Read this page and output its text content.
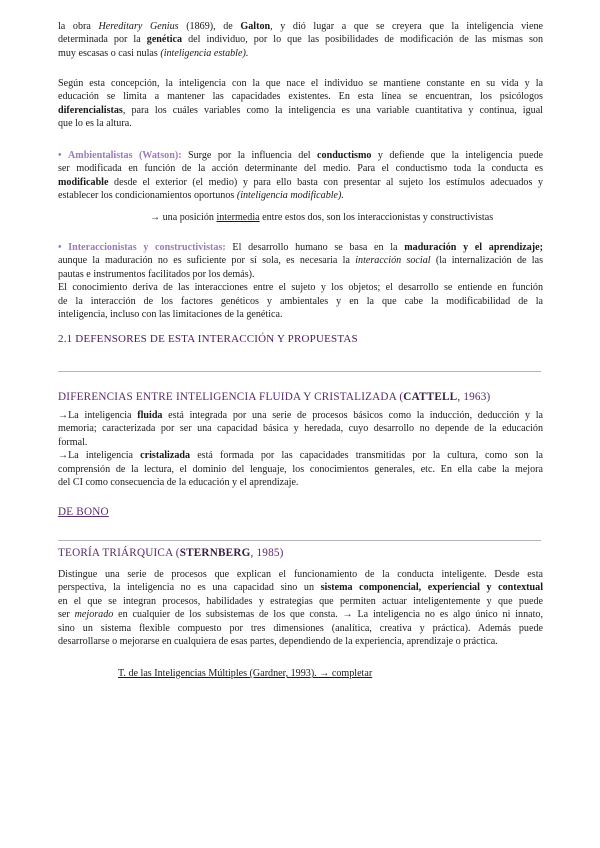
la obra Hereditary Genius (1869), de Galton, y dió lugar a que se creyera que la inteligencia viene
determinada por la genética del individuo, por lo que las posibilidades de modificación de las mismas son
muy escasas o casi nulas (inteligencia estable).
Según esta concepción, la inteligencia con la que nace el individuo se mantiene constante en su vida y la
educación se limita a mantener las capacidades existentes. En esta línea se encuentran, los psicólogos
diferencialistas, para los cuáles variables como la inteligencia es una variable cuantitativa y continua, igual
que lo es la altura.
• Ambientalistas (Watson): Surge por la influencia del conductismo y defiende que la inteligencia puede
ser modificada en función de la acción determinante del medio. Para el conductismo toda la conducta es
modificable desde el exterior (el medio) y para ello basta con presentar al sujeto los estímulos adecuados y
establecer los condicionamientos oportunos (inteligencia modificable).
→ una posición intermedia entre estos dos, son los interaccionistas y constructivistas
• Interaccionistas y constructivistas: El desarrollo humano se basa en la maduración y el aprendizaje;
aunque la maduración no es suficiente por sí sola, es necesaria la interacción social (la internalización de las
pautas e instrumentos facilitados por los demás).
El conocimiento deriva de las interacciones entre el sujeto y los objetos; el desarrollo se entiende en función
de la interacción de los factores genéticos y ambientales y en la que cabe la modificabilidad de la
inteligencia, incluso con las limitaciones de la genética.
2.1 DEFENSORES DE ESTA INTERACCIÓN Y PROPUESTAS
DIFERENCIAS ENTRE INTELIGENCIA FLUIDA Y CRISTALIZADA (CATTELL, 1963)
→La inteligencia fluida está integrada por una serie de procesos básicos como la inducción, deducción y la
memoria; caracterizada por ser una capacidad básica y heredada, cuyo desarrollo no depende de la educación
formal.
→La inteligencia cristalizada está formada por las capacidades transmitidas por la cultura, como son la
comprensión de la lectura, el dominio del lenguaje, los conocimientos generales, etc. En ella cabe la mejora
del CI como consecuencia de la educación y el aprendizaje.
DE BONO
TEORÍA TRIÁRQUICA (STERNBERG, 1985)
Distingue una serie de procesos que explican el funcionamiento de la conducta inteligente. Desde esta
perspectiva, la inteligencia no es una capacidad sino un sistema componencial, experiencial y contextual
en el que se integran procesos, habilidades y estrategias que permiten actuar inteligentemente y que puede
ser mejorado en cualquier de los subsistemas de los que consta. → La inteligencia no es algo único ni innato,
sino un sistema flexible compuesto por tres dimensiones (analítica, creativa y práctica). Además puede
desarrollarse o mejorarse en cualquiera de esas partes, dependiendo de la experiencia, aprendizaje o práctica.
T. de las Inteligencias Múltiples (Gardner, 1993). → completar
